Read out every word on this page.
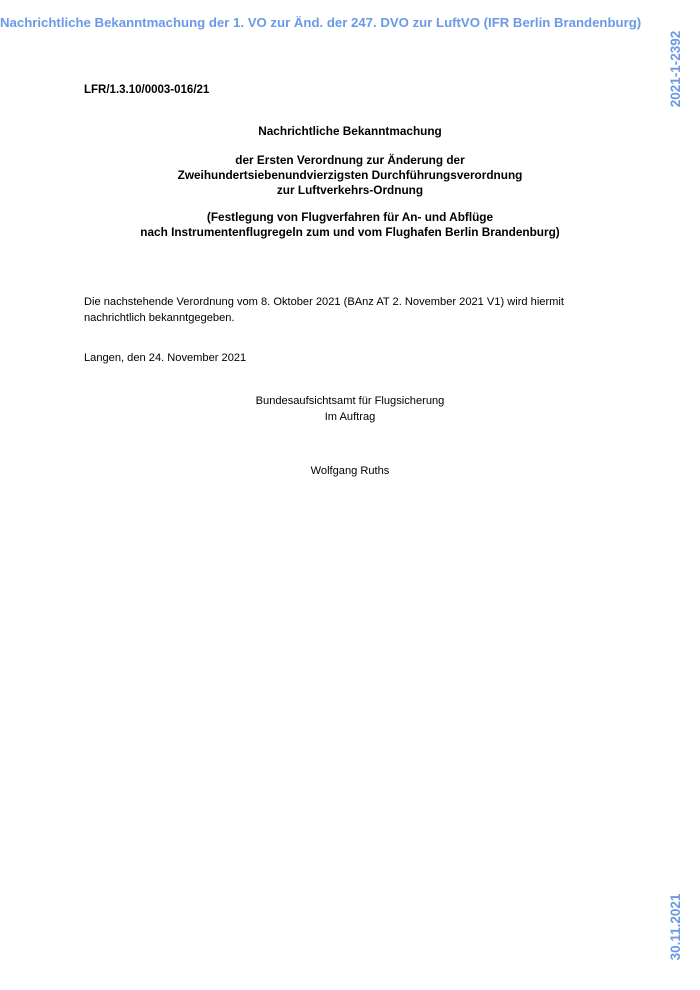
Nachrichtliche Bekanntmachung der 1. VO zur Änd. der 247. DVO zur LuftVO (IFR Berlin Brandenburg)
2021-1-2392
30.11.2021
LFR/1.3.10/0003-016/21
Nachrichtliche Bekanntmachung
der Ersten Verordnung zur Änderung der
Zweihundertsiebenundvierzigsten Durchführungsverordnung
zur Luftverkehrs-Ordnung
(Festlegung von Flugverfahren für An- und Abflüge
nach Instrumentenflugregeln zum und vom Flughafen Berlin Brandenburg)
Die nachstehende Verordnung vom 8. Oktober 2021 (BAnz AT 2. November 2021 V1) wird hiermit nachrichtlich bekanntgegeben.
Langen, den 24. November 2021
Bundesaufsichtsamt für Flugsicherung
Im Auftrag
Wolfgang Ruths
